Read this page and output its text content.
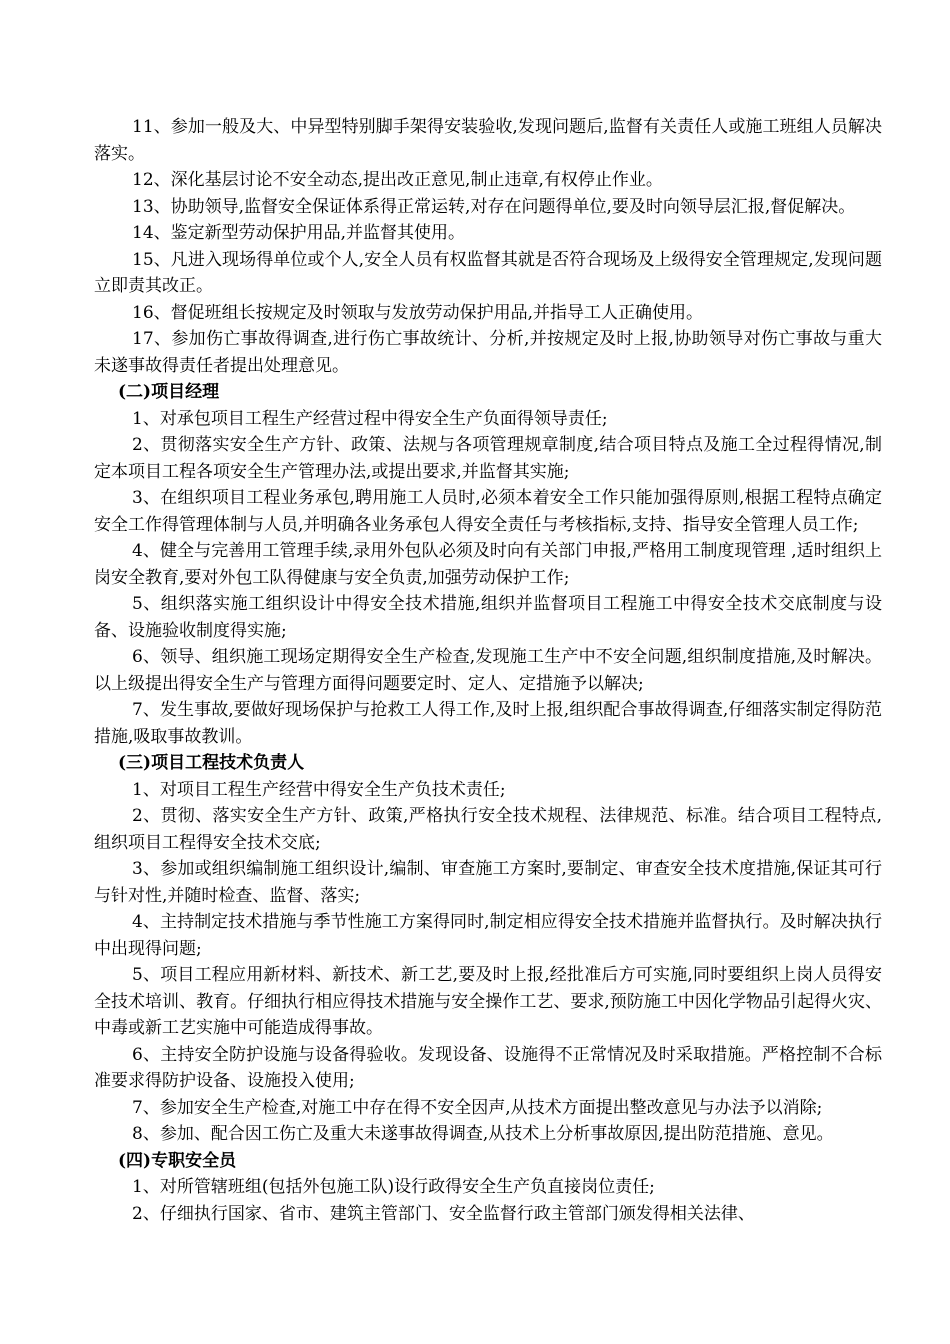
11、参加一般及大、中异型特别脚手架得安装验收,发现问题后,监督有关责任人或施工班组人员解决落实。
12、深化基层讨论不安全动态,提出改正意见,制止违章,有权停止作业。
13、协助领导,监督安全保证体系得正常运转,对存在问题得单位,要及时向领导层汇报,督促解决。
14、鉴定新型劳动保护用品,并监督其使用。
15、凡进入现场得单位或个人,安全人员有权监督其就是否符合现场及上级得安全管理规定,发现问题立即责其改正。
16、督促班组长按规定及时领取与发放劳动保护用品,并指导工人正确使用。
17、参加伤亡事故得调查,进行伤亡事故统计、分析,并按规定及时上报,协助领导对伤亡事故与重大未遂事故得责任者提出处理意见。
(二)项目经理
1、对承包项目工程生产经营过程中得安全生产负面得领导责任;
2、贯彻落实安全生产方针、政策、法规与各项管理规章制度,结合项目特点及施工全过程得情况,制定本项目工程各项安全生产管理办法,或提出要求,并监督其实施;
3、在组织项目工程业务承包,聘用施工人员时,必须本着安全工作只能加强得原则,根据工程特点确定安全工作得管理体制与人员,并明确各业务承包人得安全责任与考核指标,支持、指导安全管理人员工作;
4、健全与完善用工管理手续,录用外包队必须及时向有关部门申报,严格用工制度现管理 ,适时组织上岗安全教育,要对外包工队得健康与安全负责,加强劳动保护工作;
5、组织落实施工组织设计中得安全技术措施,组织并监督项目工程施工中得安全技术交底制度与设备、设施验收制度得实施;
6、领导、组织施工现场定期得安全生产检查,发现施工生产中不安全问题,组织制度措施,及时解决。以上级提出得安全生产与管理方面得问题要定时、定人、定措施予以解决;
7、发生事故,要做好现场保护与抢救工人得工作,及时上报,组织配合事故得调查,仔细落实制定得防范措施,吸取事故教训。
(三)项目工程技术负责人
1、对项目工程生产经营中得安全生产负技术责任;
2、贯彻、落实安全生产方针、政策,严格执行安全技术规程、法律规范、标准。结合项目工程特点,组织项目工程得安全技术交底;
3、参加或组织编制施工组织设计,编制、审查施工方案时,要制定、审查安全技术度措施,保证其可行与针对性,并随时检查、监督、落实;
4、主持制定技术措施与季节性施工方案得同时,制定相应得安全技术措施并监督执行。及时解决执行中出现得问题;
5、项目工程应用新材料、新技术、新工艺,要及时上报,经批准后方可实施,同时要组织上岗人员得安全技术培训、教育。仔细执行相应得技术措施与安全操作工艺、要求,预防施工中因化学物品引起得火灾、中毒或新工艺实施中可能造成得事故。
6、主持安全防护设施与设备得验收。发现设备、设施得不正常情况及时采取措施。严格控制不合标准要求得防护设备、设施投入使用;
7、参加安全生产检查,对施工中存在得不安全因声,从技术方面提出整改意见与办法予以消除;
8、参加、配合因工伤亡及重大未遂事故得调查,从技术上分析事故原因,提出防范措施、意见。
(四)专职安全员
1、对所管辖班组(包括外包施工队)设行政得安全生产负直接岗位责任;
2、仔细执行国家、省市、建筑主管部门、安全监督行政主管部门颁发得相关法律、
